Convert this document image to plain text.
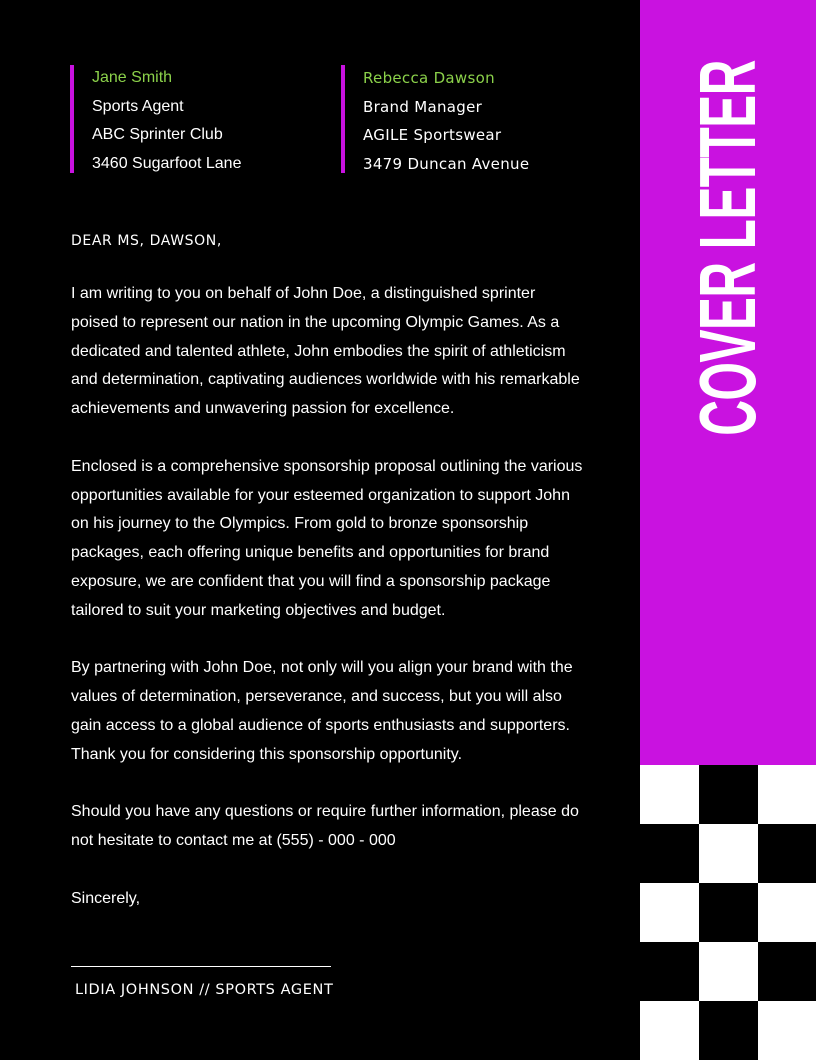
Jane Smith
Sports Agent
ABC Sprinter Club
3460 Sugarfoot Lane
Rebecca Dawson
Brand Manager
AGILE Sportswear
3479 Duncan Avenue
DEAR MS, DAWSON,

I am writing to you on behalf of John Doe, a distinguished sprinter poised to represent our nation in the upcoming Olympic Games. As a dedicated and talented athlete, John embodies the spirit of athleticism and determination, captivating audiences worldwide with his remarkable achievements and unwavering passion for excellence.

Enclosed is a comprehensive sponsorship proposal outlining the various opportunities available for your esteemed organization to support John on his journey to the Olympics. From gold to bronze sponsorship packages, each offering unique benefits and opportunities for brand exposure, we are confident that you will find a sponsorship package tailored to suit your marketing objectives and budget.

By partnering with John Doe, not only will you align your brand with the values of determination, perseverance, and success, but you will also gain access to a global audience of sports enthusiasts and supporters. Thank you for considering this sponsorship opportunity.

Should you have any questions or require further information, please do not hesitate to contact me at (555) - 000 - 000

Sincerely,

LIDIA JOHNSON // SPORTS AGENT
COVER LETTER
